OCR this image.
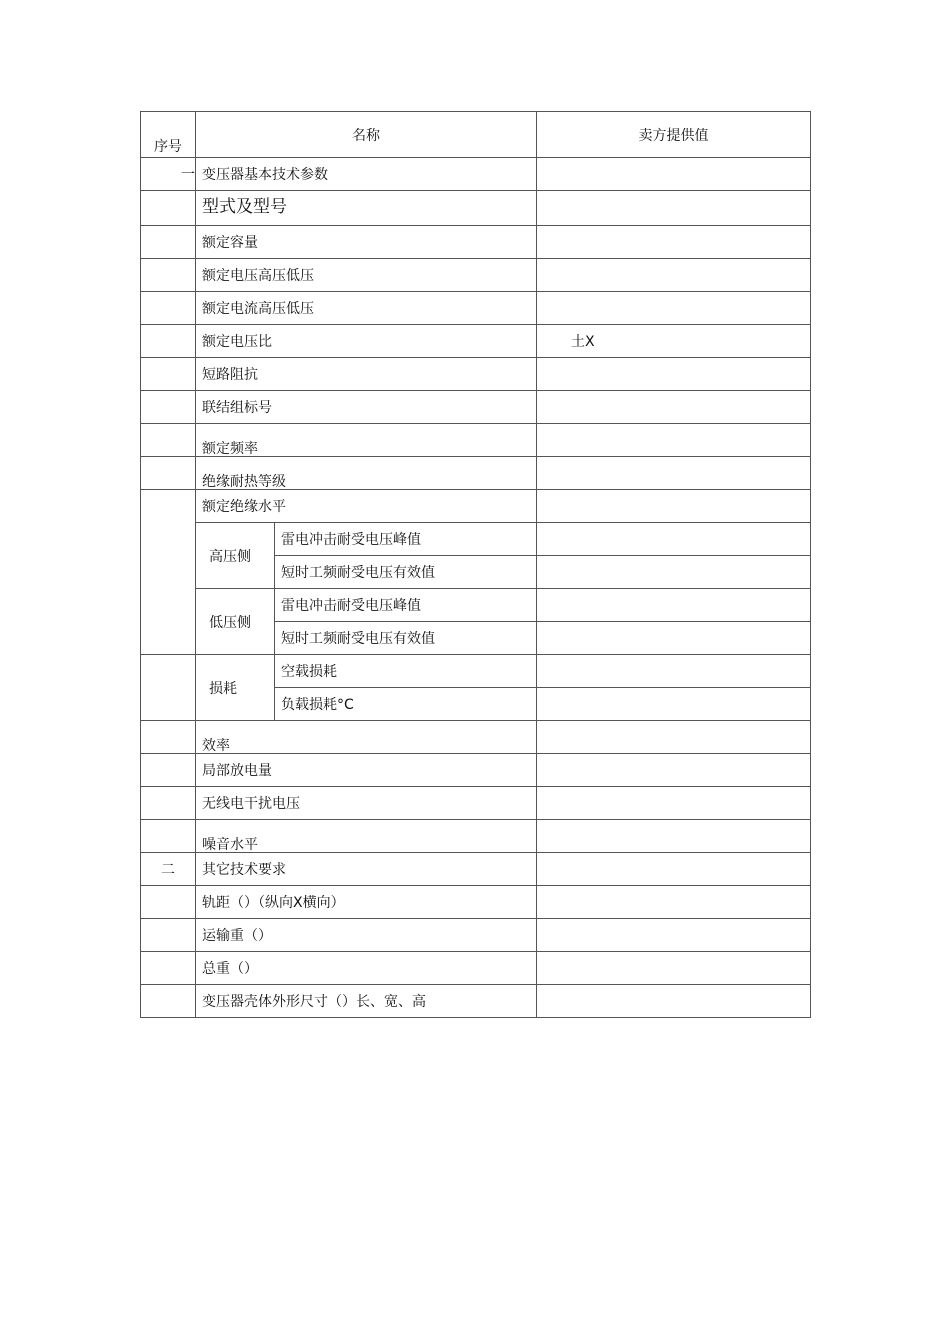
序号	名称		卖方提供值
一	变压器基本技术参数		
	型式及型号		
	额定容量		
	额定电压高压低压		
	额定电流高压低压		
	额定电压比		土X
	短路阻抗		
	联结组标号		
	额定频率		
	绝缘耐热等级		
	额定绝缘水平		
	高压侧	雷电冲击耐受电压峰值	
		短时工频耐受电压有效值	
	低压侧	雷电冲击耐受电压峰值	
		短时工频耐受电压有效值	
	损耗	空载损耗	
		负载损耗°C	
	效率		
	局部放电量		
	无线电干扰电压		
	噪音水平		
二	其它技术要求		
	轨距（）（纵向X横向）		
	运输重（）		
	总重（）		
	变压器壳体外形尺寸（）长、宽、高		
